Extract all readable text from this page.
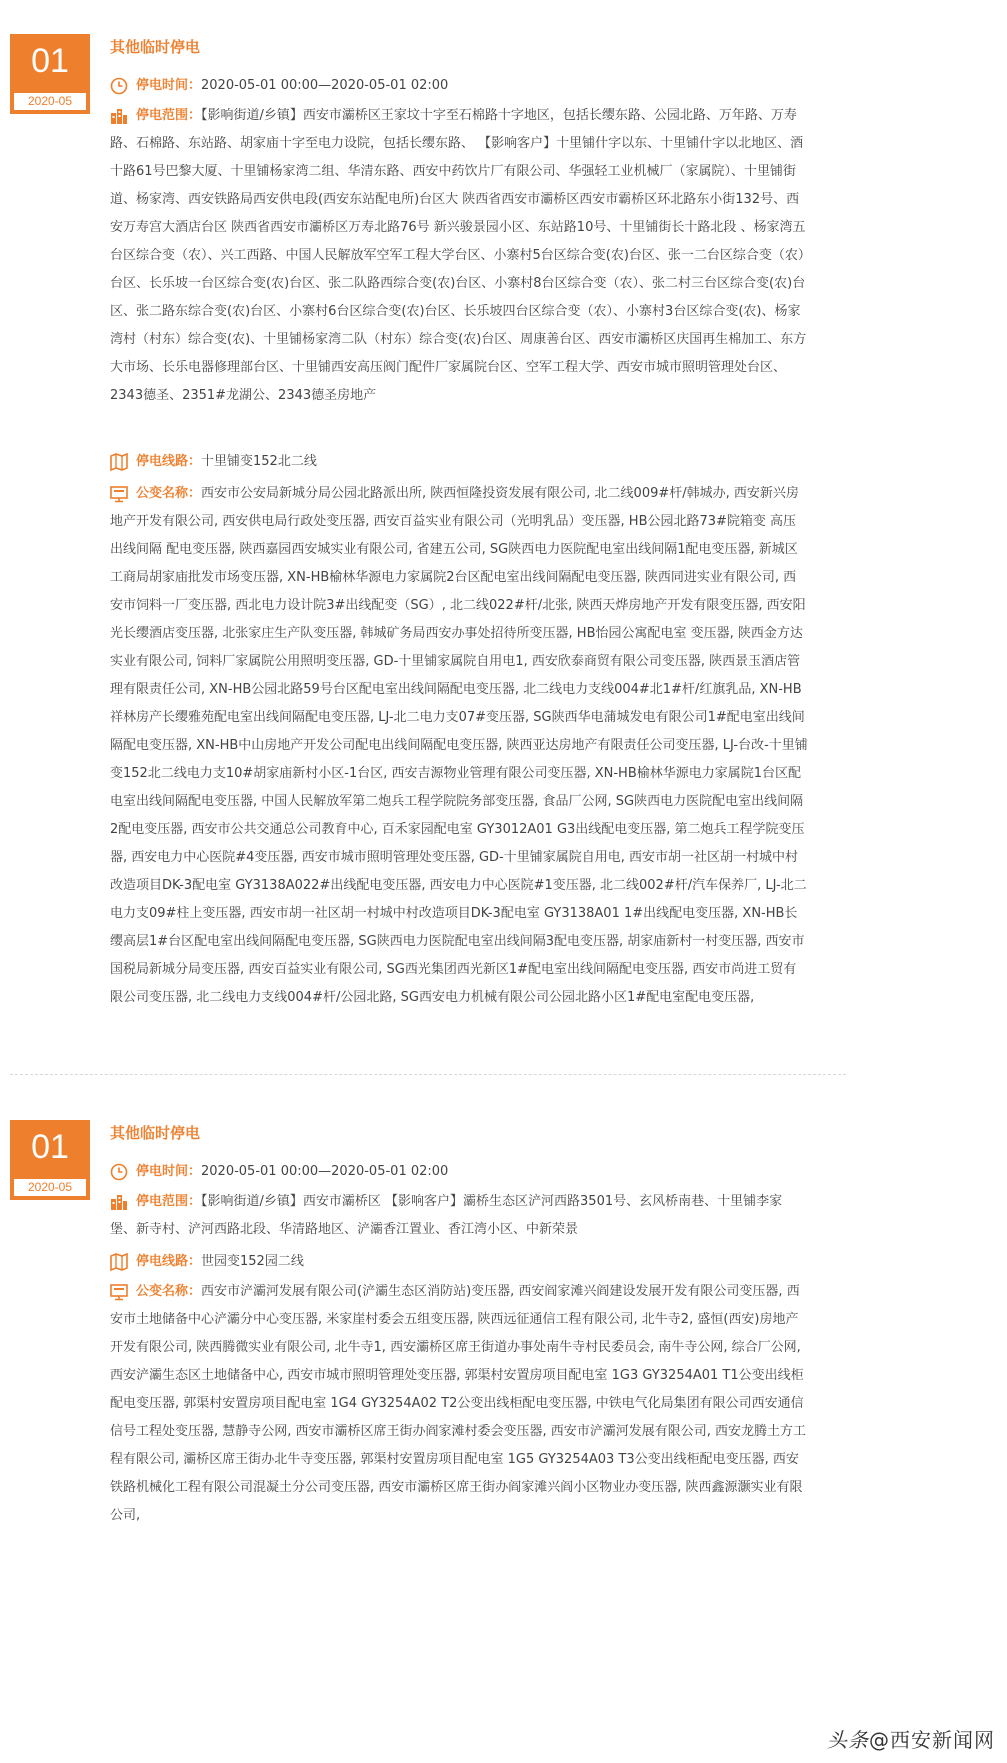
01
2020-05
其他临时停电
停电时间：2020-05-01 00:00—2020-05-01 02:00
停电范围：【影响街道/乡镇】西安市灞桥区王家坟十字至石棉路十字地区，包括长缨东路、公园北路、万年路、万寿路、石棉路、东站路、胡家庙十字至电力设院，包括长缨东路、 【影响客户】十里铺什字以东、十里铺什字以北地区、酒十路61号巴黎大厦、十里铺杨家湾二组、华清东路、西安中药饮片厂有限公司、华强轻工业机械厂（家属院）、十里铺街道、杨家湾、西安铁路局西安供电段(西安东站配电所)台区大 陕西省西安市灞桥区西安市霸桥区环北路东小街132号、西安万寿宫大酒店台区 陕西省西安市灞桥区万寿北路76号 新兴骏景园小区、东站路10号、十里铺街长十路北段 、杨家湾五台区综合变（农）、兴工西路、中国人民解放军空军工程大学台区、小寨村5台区综合变(农)台区、张一二台区综合变（农）台区、长乐坡一台区综合变(农)台区、张二队路西综合变(农)台区、小寨村8台区综合变（农）、张二村三台区综合变(农)台区、张二路东综合变(农)台区、小寨村6台区综合变(农)台区、长乐坡四台区综合变（农）、小寨村3台区综合变(农)、杨家湾村（村东）综合变(农)、十里铺杨家湾二队（村东）综合变(农)台区、周康善台区、西安市灞桥区庆国再生棉加工、东方大市场、长乐电器修理部台区、十里铺西安高压阀门配件厂家属院台区、空军工程大学、西安市城市照明管理处台区、2343德圣、2351#龙湖公、2343德圣房地产
停电线路：十里铺变152北二线
公变名称：西安市公安局新城分局公园北路派出所, 陕西恒隆投资发展有限公司, 北二线009#杆/韩城办, 西安新兴房地产开发有限公司, 西安供电局行政处变压器, 西安百益实业有限公司（光明乳品）变压器, HB公园北路73#院箱变 高压出线间隔 配电变压器, 陕西嘉园西安城实业有限公司, 省建五公司, SG陕西电力医院配电室出线间隔1配电变压器, 新城区工商局胡家庙批发市场变压器, XN-HB榆林华源电力家属院2台区配电室出线间隔配电变压器, 陕西同进实业有限公司, 西安市饲料一厂变压器, 西北电力设计院3#出线配变（SG）, 北二线022#杆/北张, 陕西天烨房地产开发有限变压器, 西安阳光长缨酒店变压器, 北张家庄生产队变压器, 韩城矿务局西安办事处招待所变压器, HB怡园公寓配电室 变压器, 陕西金方达实业有限公司, 饲料厂家属院公用照明变压器, GD-十里铺家属院自用电1, 西安欣泰商贸有限公司变压器, 陕西景玉酒店管理有限责任公司, XN-HB公园北路59号台区配电室出线间隔配电变压器, 北二线电力支线004#北1#杆/红旗乳品, XN-HB祥林房产长缨雅苑配电室出线间隔配电变压器, LJ-北二电力支07#变压器, SG陕西华电蒲城发电有限公司1#配电室出线间隔配电变压器, XN-HB中山房地产开发公司配电出线间隔配电变压器, 陕西亚达房地产有限责任公司变压器, LJ-台改-十里铺变152北二线电力支10#胡家庙新村小区-1台区, 西安吉源物业管理有限公司变压器, XN-HB榆林华源电力家属院1台区配电室出线间隔配电变压器, 中国人民解放军第二炮兵工程学院院务部变压器, 食品厂公网, SG陕西电力医院配电室出线间隔2配电变压器, 西安市公共交通总公司教育中心, 百禾家园配电室 GY3012A01 G3出线配电变压器, 第二炮兵工程学院变压器, 西安电力中心医院#4变压器, 西安市城市照明管理处变压器, GD-十里铺家属院自用电, 西安市胡一社区胡一村城中村改造项目DK-3配电室 GY3138A022#出线配电变压器, 西安电力中心医院#1变压器, 北二线002#杆/汽车保养厂, LJ-北二电力支09#柱上变压器, 西安市胡一社区胡一村城中村改造项目DK-3配电室 GY3138A01 1#出线配电变压器, XN-HB长缨高层1#台区配电室出线间隔配电变压器, SG陕西电力医院配电室出线间隔3配电变压器, 胡家庙新村一村变压器, 西安市国税局新城分局变压器, 西安百益实业有限公司, SG西光集团西光新区1#配电室出线间隔配电变压器, 西安市尚进工贸有限公司变压器, 北二线电力支线004#杆/公园北路, SG西安电力机械有限公司公园北路小区1#配电室配电变压器,
01
2020-05
其他临时停电
停电时间：2020-05-01 00:00—2020-05-01 02:00
停电范围：【影响街道/乡镇】西安市灞桥区 【影响客户】灞桥生态区浐河西路3501号、玄风桥南巷、十里铺李家堡、新寺村、浐河西路北段、华清路地区、浐灞香江置业、香江湾小区、中新荣景
停电线路：世园变152园二线
公变名称：西安市浐灞河发展有限公司(浐灞生态区消防站)变压器, 西安阎家滩兴阎建设发展开发有限公司变压器, 西安市土地储备中心浐灞分中心变压器, 米家崖村委会五组变压器, 陕西远征通信工程有限公司, 北牛寺2, 盛恒(西安)房地产开发有限公司, 陕西腾微实业有限公司, 北牛寺1, 西安灞桥区席王街道办事处南牛寺村民委员会, 南牛寺公网, 综合厂公网, 西安浐灞生态区土地储备中心, 西安市城市照明管理处变压器, 郭渠村安置房项目配电室 1G3 GY3254A01 T1公变出线柜配电变压器, 郭渠村安置房项目配电室 1G4 GY3254A02 T2公变出线柜配电变压器, 中铁电气化局集团有限公司西安通信信号工程处变压器, 慧静寺公网, 西安市灞桥区席王街办阎家滩村委会变压器, 西安市浐灞河发展有限公司, 西安龙腾土方工程有限公司, 灞桥区席王街办北牛寺变压器, 郭渠村安置房项目配电室 1G5 GY3254A03 T3公变出线柜配电变压器, 西安铁路机械化工程有限公司混凝土分公司变压器, 西安市灞桥区席王街办阎家滩兴阎小区物业办变压器, 陕西鑫源灏实业有限公司,
头条@西安新闻网
